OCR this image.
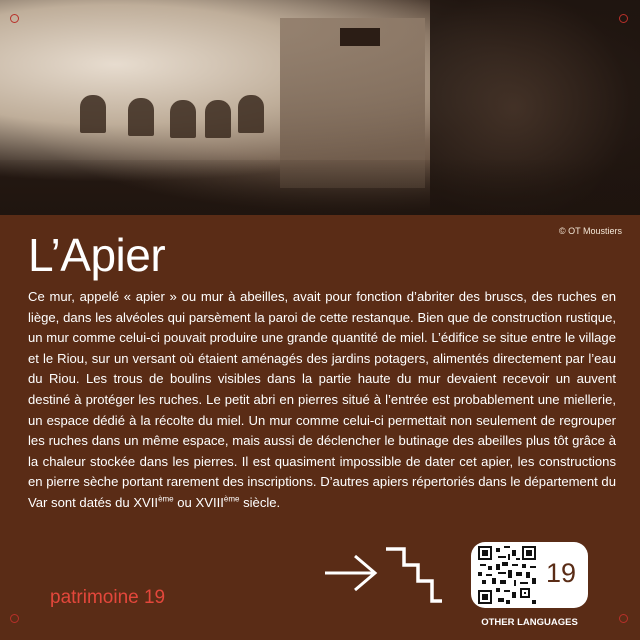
© OT Moustiers
L’Apier

Ce mur, appelé « apier » ou mur à abeilles, avait pour fonction d’abriter des bruscs, des ruches en liège, dans les alvéoles qui parsèment la paroi de cette restanque. Bien que de construction rustique, un mur comme celui-ci pouvait produire une grande quantité de miel. L’édifice se situe entre le village et le Riou, sur un versant où étaient aménagés des jardins potagers, alimentés directement par l’eau du Riou. Les trous de boulins visibles dans la partie haute du mur devaient recevoir un auvent destiné à protéger les ruches. Le petit abri en pierres situé à l’entrée est probablement une miellerie, un espace dédié à la récolte du miel. Un mur comme celui-ci permettait non seulement de regrouper les ruches dans un même espace, mais aussi de déclencher le butinage des abeilles plus tôt grâce à la chaleur stockée dans les pierres. Il est quasiment impossible de dater cet apier, les constructions en pierre sèche portant rarement des inscriptions. D’autres apiers répertoriés dans le département du Var sont datés du XVIIème ou XVIIIème siècle.

patrimoine 19
19
OTHER LANGUAGES
